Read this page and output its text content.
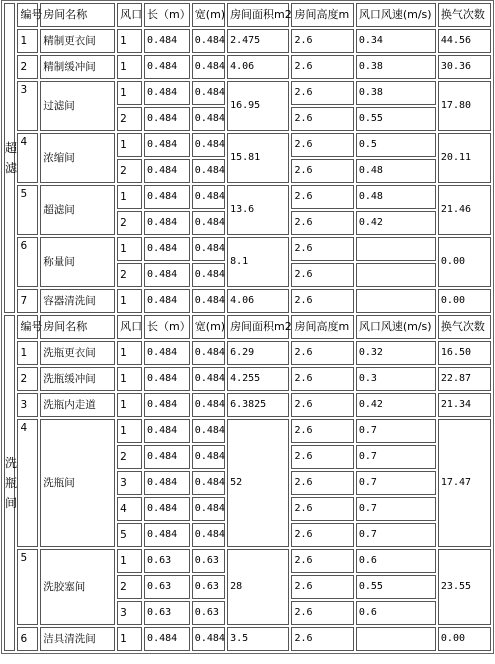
超滤	编号	房间名称	风口	长（m）	宽(m)	房间面积m2	房间高度m	风口风速(m/s)	换气次数
	1	精制更衣间	1	0.484	0.484	2.475	2.6	0.34	44.56
	2	精制缓冲间	1	0.484	0.484	4.06	2.6	0.38	30.36
	3	过滤间	1	0.484	0.484	16.95	2.6	0.38	17.80
			2	0.484	0.484		2.6	0.55	
	4	浓缩间	1	0.484	0.484	15.81	2.6	0.5	20.11
			2	0.484	0.484		2.6	0.48	
	5	超滤间	1	0.484	0.484	13.6	2.6	0.48	21.46
			2	0.484	0.484		2.6	0.42	
	6	称量间	1	0.484	0.484	8.1	2.6		0.00
			2	0.484	0.484		2.6		
	7	容器清洗间	1	0.484	0.484	4.06	2.6		0.00
洗瓶间	编号	房间名称	风口	长（m）	宽(m)	房间面积m2	房间高度m	风口风速(m/s)	换气次数
	1	洗瓶更衣间	1	0.484	0.484	6.29	2.6	0.32	16.50
	2	洗瓶缓冲间	1	0.484	0.484	4.255	2.6	0.3	22.87
	3	洗瓶内走道	1	0.484	0.484	6.3825	2.6	0.42	21.34
	4	洗瓶间	1	0.484	0.484	52	2.6	0.7	17.47
			2	0.484	0.484		2.6	0.7	
			3	0.484	0.484		2.6	0.7	
			4	0.484	0.484		2.6	0.7	
			5	0.484	0.484		2.6	0.7	
	5	洗胶塞间	1	0.63	0.63	28	2.6	0.6	23.55
			2	0.63	0.63		2.6	0.55	
			3	0.63	0.63		2.6	0.6	
	6	洁具清洗间	1	0.484	0.484	3.5	2.6		0.00
